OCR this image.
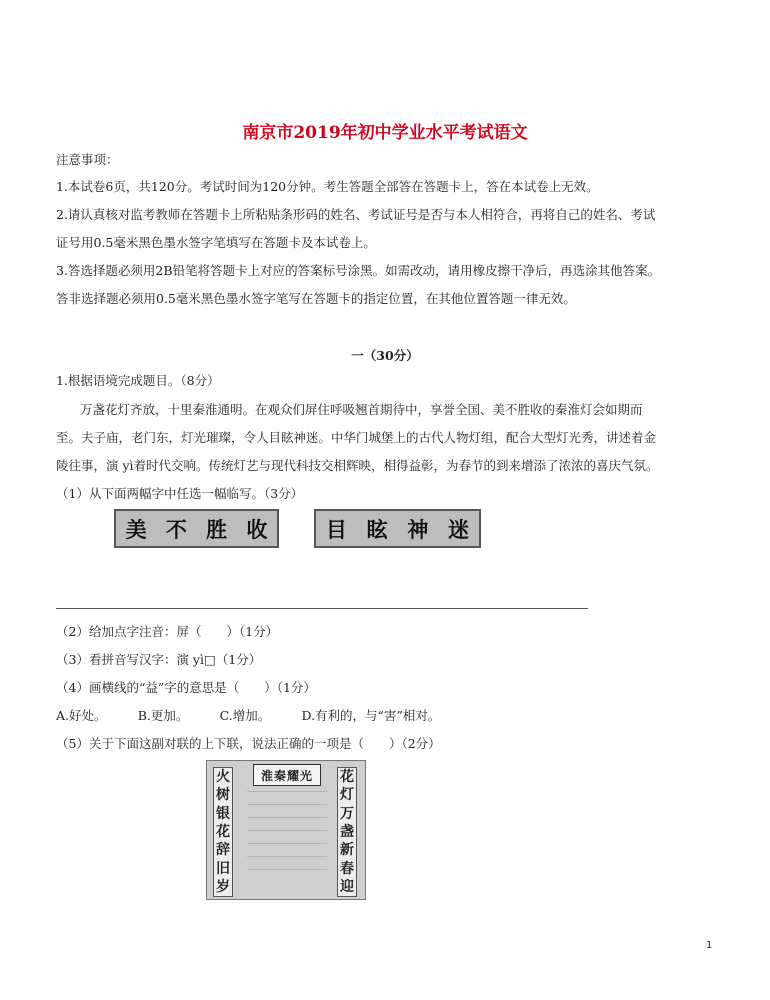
南京市2019年初中学业水平考试语文
注意事项：
1.本试卷6页，共120分。考试时间为120分钟。考生答题全部答在答题卡上，答在本试卷上无效。
2.请认真核对监考教师在答题卡上所粘贴条形码的姓名、考试证号是否与本人相符合，再将自己的姓名、考试
证号用0.5毫米黑色墨水签字笔填写在答题卡及本试卷上。
3.答选择题必须用2B铅笔将答题卡上对应的答案标号涂黑。如需改动，请用橡皮擦干净后，再选涂其他答案。
答非选择题必须用0.5毫米黑色墨水签字笔写在答题卡的指定位置，在其他位置答题一律无效。
一（30分）
1.根据语境完成题目。（8分）
万盏花灯齐放，十里秦淮通明。在观众们屏住呼吸翘首期待中，享誉全国、美不胜收的秦淮灯会如期而
至。夫子庙，老门东，灯光璀璨，令人目眩神迷。中华门城堡上的古代人物灯组，配合大型灯光秀，讲述着金
陵往事，演 yì着时代交响。传统灯艺与现代科技交相辉映，相得益彰，为春节的到来增添了浓浓的喜庆气氛。
（1）从下面两幅字中任选一幅临写。（3分）
美 不 胜 收	目 眩 神 迷
（2）给加点字注音：屏（　　）（1分）
（3）看拼音写汉字：演 yì□（1分）
（4）画横线的“益”字的意思是（　　）（1分）
A.好处。　　　B.更加。　　　C.增加。　　　D.有利的，与“害”相对。
（5）关于下面这副对联的上下联，说法正确的一项是（　　）（2分）
淮秦耀光
火
树
银
花
辞
旧
岁
花
灯
万
盏
新
春
迎
1
